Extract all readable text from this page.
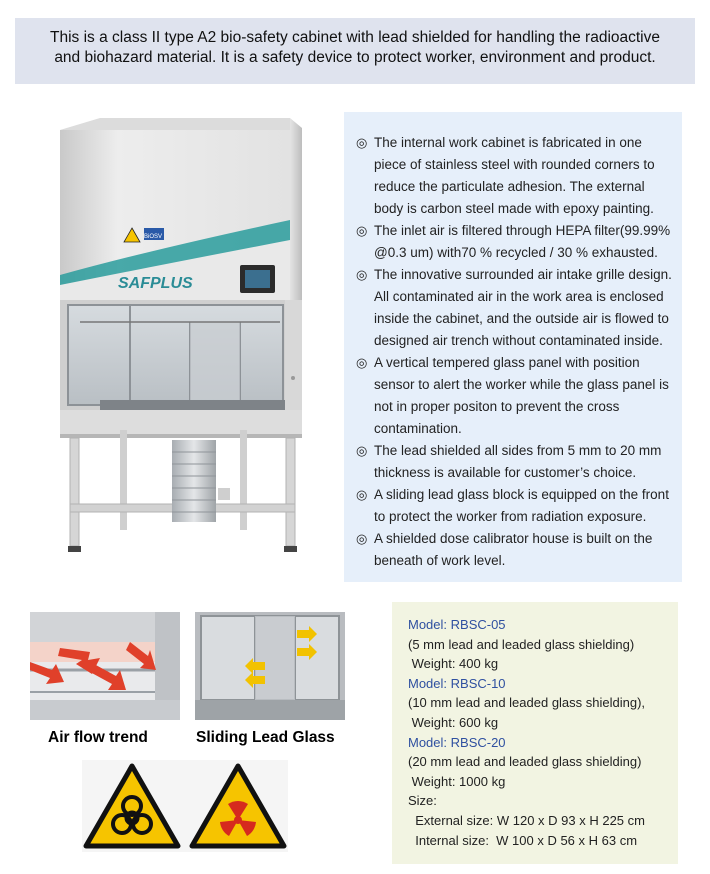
This is a class II type A2 bio-safety cabinet with lead shielded for handling the radioactive
and biohazard material. It is a safety device to protect worker, environment and product.
SAFPLUS
BiOSV
◎ The internal work cabinet is fabricated in one
piece of stainless steel with rounded corners to
reduce the particulate adhesion. The external
body is carbon steel made with epoxy painting.
◎ The inlet air is filtered through HEPA filter(99.99%
@0.3 um) with70 % recycled / 30 % exhausted.
◎ The innovative surrounded air intake grille design.
All contaminated air in the work area is enclosed
inside the cabinet, and the outside air is flowed to
designed air trench without contaminated inside.
◎ A vertical tempered glass panel with position
sensor to alert the worker while the glass panel is
not in proper positon to prevent the cross
contamination.
◎ The lead shielded all sides from 5 mm to 20 mm
thickness is available for customer’s choice.
◎ A sliding lead glass block is equipped on the front
to protect the worker from radiation exposure.
◎ A shielded dose calibrator house is built on the
beneath of work level.
Air flow trend	Sliding Lead Glass
Model: RBSC-05
(5 mm lead and leaded glass shielding)
Weight: 400 kg
Model: RBSC-10
(10 mm lead and leaded glass shielding),
Weight: 600 kg
Model: RBSC-20
(20 mm lead and leaded glass shielding)
Weight: 1000 kg
Size:
External size: W 120 x D 93 x H 225 cm
Internal size:  W 100 x D 56 x H 63 cm
